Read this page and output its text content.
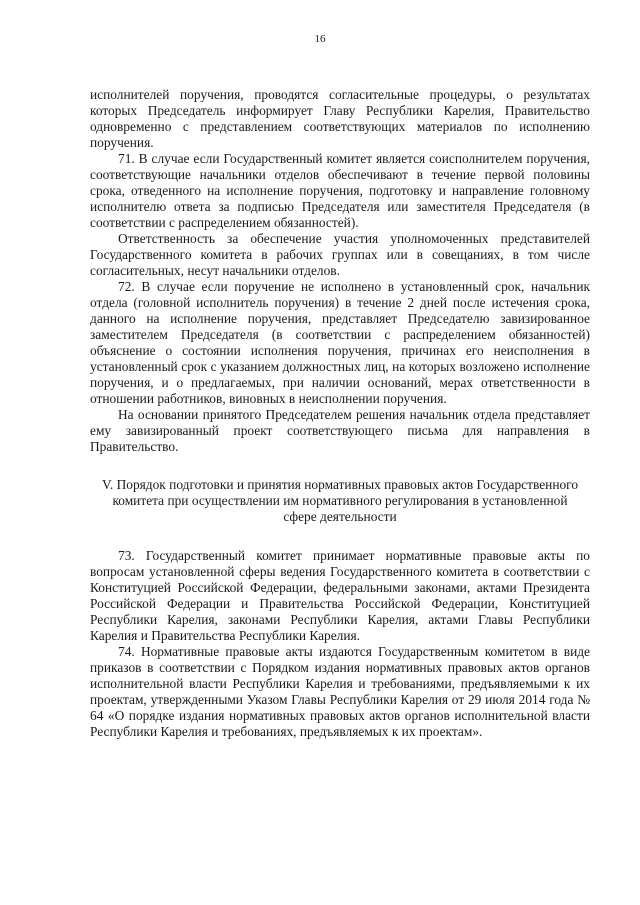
16

исполнителей поручения, проводятся согласительные процедуры, о результатах которых Председатель информирует Главу Республики Карелия, Правительство одновременно с представлением соответствующих материалов по исполнению поручения.

71. В случае если Государственный комитет является соисполнителем поручения, соответствующие начальники отделов обеспечивают в течение первой половины срока, отведенного на исполнение поручения, подготовку и направление головному исполнителю ответа за подписью Председателя или заместителя Председателя (в соответствии с распределением обязанностей).

Ответственность за обеспечение участия уполномоченных представителей Государственного комитета в рабочих группах или в совещаниях, в том числе согласительных, несут начальники отделов.

72. В случае если поручение не исполнено в установленный срок, начальник отдела (головной исполнитель поручения) в течение 2 дней после истечения срока, данного на исполнение поручения, представляет Председателю завизированное заместителем Председателя (в соответствии с распределением обязанностей) объяснение о состоянии исполнения поручения, причинах его неисполнения в установленный срок с указанием должностных лиц, на которых возложено исполнение поручения, и о предлагаемых, при наличии оснований, мерах ответственности в отношении работников, виновных в неисполнении поручения.

На основании принятого Председателем решения начальник отдела представляет ему завизированный проект соответствующего письма для направления в Правительство.

V. Порядок подготовки и принятия нормативных правовых актов Государственного комитета при осуществлении им нормативного регулирования в установленной сфере деятельности

73. Государственный комитет принимает нормативные правовые акты по вопросам установленной сферы ведения Государственного комитета в соответствии с Конституцией Российской Федерации, федеральными законами, актами Президента Российской Федерации и Правительства Российской Федерации, Конституцией Республики Карелия, законами Республики Карелия, актами Главы Республики Карелия и Правительства Республики Карелия.

74. Нормативные правовые акты издаются Государственным комитетом в виде приказов в соответствии с Порядком издания нормативных правовых актов органов исполнительной власти Республики Карелия и требованиями, предъявляемыми к их проектам, утвержденными Указом Главы Республики Карелия от 29 июля 2014 года № 64 «О порядке издания нормативных правовых актов органов исполнительной власти Республики Карелия и требованиях, предъявляемых к их проектам».
